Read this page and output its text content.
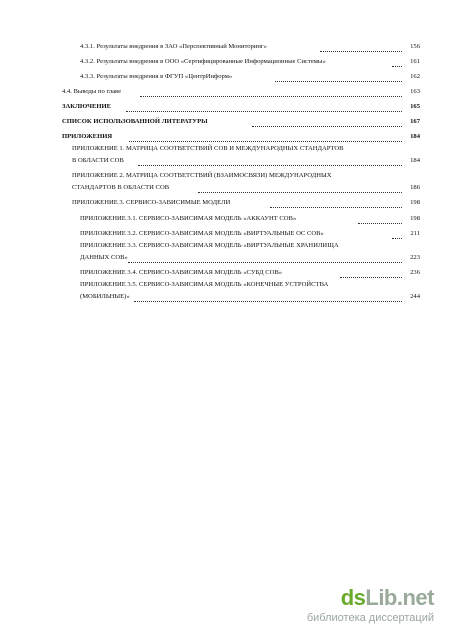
4.3.1. Результаты внедрения в ЗАО «Перспективный Мониторинг»	156
4.3.2. Результаты внедрения в ООО «Сертифицированные Информационные Системы»	161
4.3.3. Результаты внедрения в ФГУП «ЦентрИнформ»	162
4.4. Выводы по главе	163
ЗАКЛЮЧЕНИЕ	165
СПИСОК ИСПОЛЬЗОВАННОЙ ЛИТЕРАТУРЫ	167
ПРИЛОЖЕНИЯ	184
ПРИЛОЖЕНИЕ 1. МАТРИЦА СООТВЕТСТВИЙ СОВ И МЕЖДУНАРОДНЫХ СТАНДАРТОВ
В ОБЛАСТИ СОВ	184
ПРИЛОЖЕНИЕ 2. МАТРИЦА СООТВЕТСТВИЙ (ВЗАИМОСВЯЗИ) МЕЖДУНАРОДНЫХ
СТАНДАРТОВ В ОБЛАСТИ СОВ	186
ПРИЛОЖЕНИЕ 3. СЕРВИСО-ЗАВИСИМЫЕ МОДЕЛИ	198
ПРИЛОЖЕНИЕ 3.1. СЕРВИСО-ЗАВИСИМАЯ МОДЕЛЬ «АККАУНТ СОВ»	198
ПРИЛОЖЕНИЕ 3.2. СЕРВИСО-ЗАВИСИМАЯ МОДЕЛЬ «ВИРТУАЛЬНЫЕ ОС СОВ»	211
ПРИЛОЖЕНИЕ 3.3. СЕРВИСО-ЗАВИСИМАЯ МОДЕЛЬ «ВИРТУАЛЬНЫЕ ХРАНИЛИЩА
ДАННЫХ СОВ»	223
ПРИЛОЖЕНИЕ 3.4. СЕРВИСО-ЗАВИСИМАЯ МОДЕЛЬ «СУБД СОВ»	236
ПРИЛОЖЕНИЕ 3.5. СЕРВИСО-ЗАВИСИМАЯ МОДЕЛЬ «КОНЕЧНЫЕ УСТРОЙСТВА
(МОБИЛЬНЫЕ)»	244
dsLib.net
библиотека диссертаций
